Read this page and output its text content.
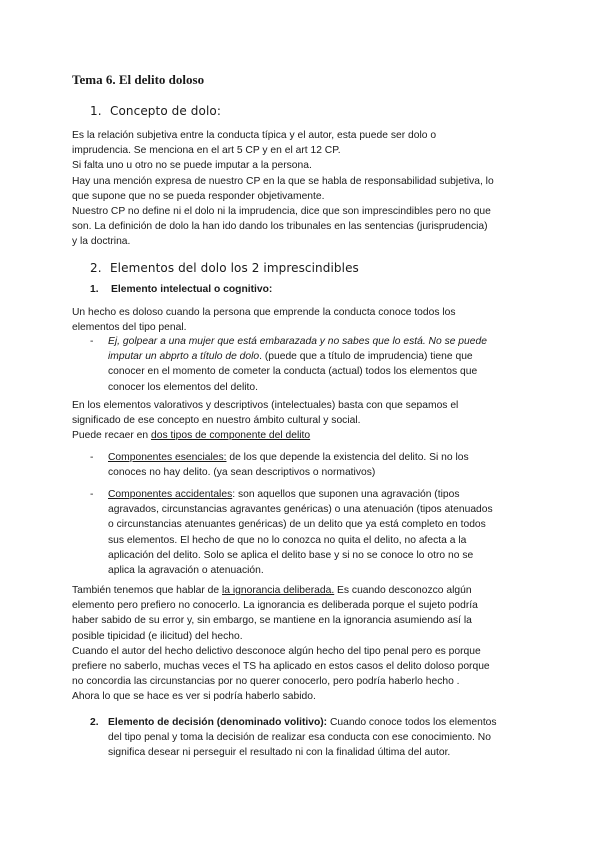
Tema 6. El delito doloso
1. Concepto de dolo:

Es la relación subjetiva entre la conducta típica y el autor, esta puede ser dolo o

imprudencia. Se menciona en el art 5 CP y en el art 12 CP.

Si falta uno u otro no se puede imputar a la persona.

Hay una mención expresa de nuestro CP en la que se habla de responsabilidad subjetiva, lo

que supone que no se pueda responder objetivamente.

Nuestro CP no define ni el dolo ni la imprudencia, dice que son imprescindibles pero no que

son. La definición de dolo la han ido dando los tribunales en las sentencias (jurisprudencia)

y la doctrina.

2. Elementos del dolo los 2 imprescindibles
1. Elemento intelectual o cognitivo:

Un hecho es doloso cuando la persona que emprende la conducta conoce todos los

elementos del tipo penal.

- Ej, golpear a una mujer que está embarazada y no sabes que lo está. No se puede
imputar un abprto a título de dolo. (puede que a título de imprudencia) tiene que
conocer en el momento de cometer la conducta (actual) todos los elementos que
conocer los elementos del delito.

En los elementos valorativos y descriptivos (intelectuales) basta con que sepamos el

significado de ese concepto en nuestro ámbito cultural y social.

Puede recaer en dos tipos de componente del delito

- Componentes esenciales: de los que depende la existencia del delito. Si no los
conoces no hay delito. (ya sean descriptivos o normativos)
- Componentes accidentales: son aquellos que suponen una agravación (tipos
agravados, circunstancias agravantes genéricas) o una atenuación (tipos atenuados
o circunstancias atenuantes genéricas) de un delito que ya está completo en todos
sus elementos. El hecho de que no lo conozca no quita el delito, no afecta a la
aplicación del delito. Solo se aplica el delito base y si no se conoce lo otro no se
aplica la agravación o atenuación.

También tenemos que hablar de la ignorancia deliberada. Es cuando desconozco algún

elemento pero prefiero no conocerlo. La ignorancia es deliberada porque el sujeto podría

haber sabido de su error y, sin embargo, se mantiene en la ignorancia asumiendo así la

posible tipicidad (e ilicitud) del hecho.

Cuando el autor del hecho delictivo desconoce algún hecho del tipo penal pero es porque

prefiere no saberlo, muchas veces el TS ha aplicado en estos casos el delito doloso porque

no concordia las circunstancias por no querer conocerlo, pero podría haberlo hecho .

Ahora lo que se hace es ver si podría haberlo sabido.

2. Elemento de decisión (denominado volitivo): Cuando conoce todos los elementos
del tipo penal y toma la decisión de realizar esa conducta con ese conocimiento. No
significa desear ni perseguir el resultado ni con la finalidad última del autor.
